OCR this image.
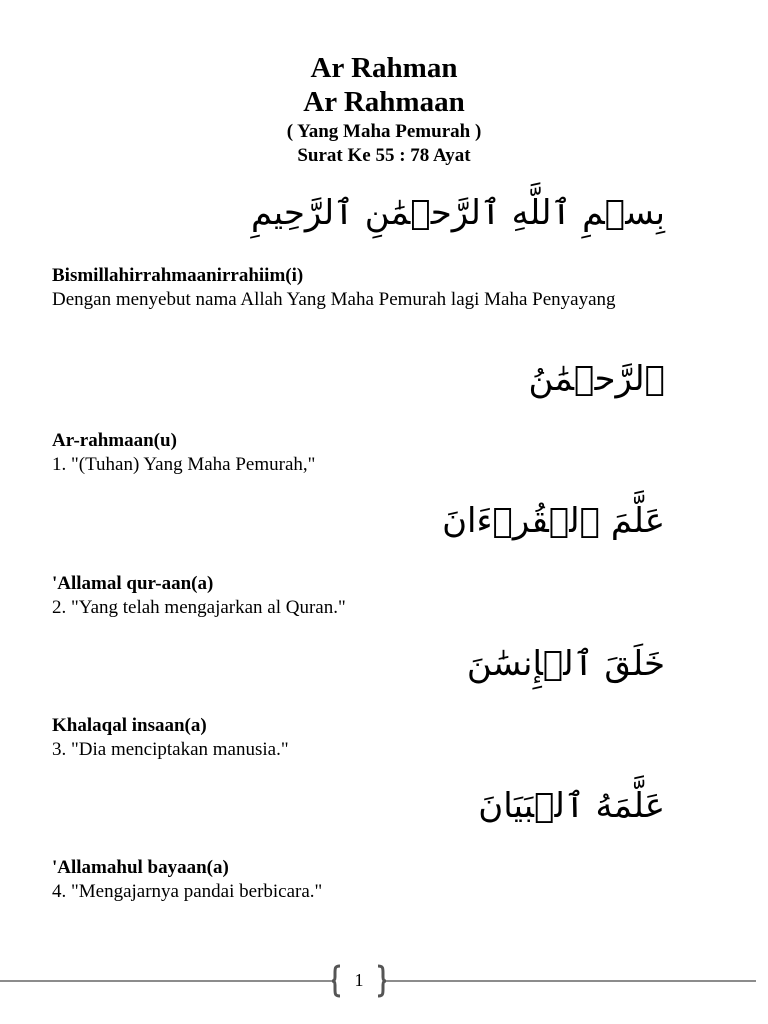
Ar Rahman
Ar Rahmaan
( Yang Maha Pemurah )
Surat Ke 55 : 78 Ayat
بِسۡمِ ٱللَّهِ ٱلرَّحۡمَٰنِ ٱلرَّحِيمِ
Bismillahirrahmaanirrahiim(i)
Dengan menyebut nama Allah Yang Maha Pemurah lagi Maha Penyayang
ٱلرَّحۡمَٰنُ
Ar-rahmaan(u)
1. "(Tuhan) Yang Maha Pemurah,"
عَلَّمَ ٱلۡقُرۡءَانَ
'Allamal qur-aan(a)
2. "Yang telah mengajarkan al Quran."
خَلَقَ ٱلۡإِنسَٰنَ
Khalaqal insaan(a)
3. "Dia menciptakan manusia."
عَلَّمَهُ ٱلۡبَيَانَ
'Allamahul bayaan(a)
4. "Mengajarnya pandai berbicara."
1
